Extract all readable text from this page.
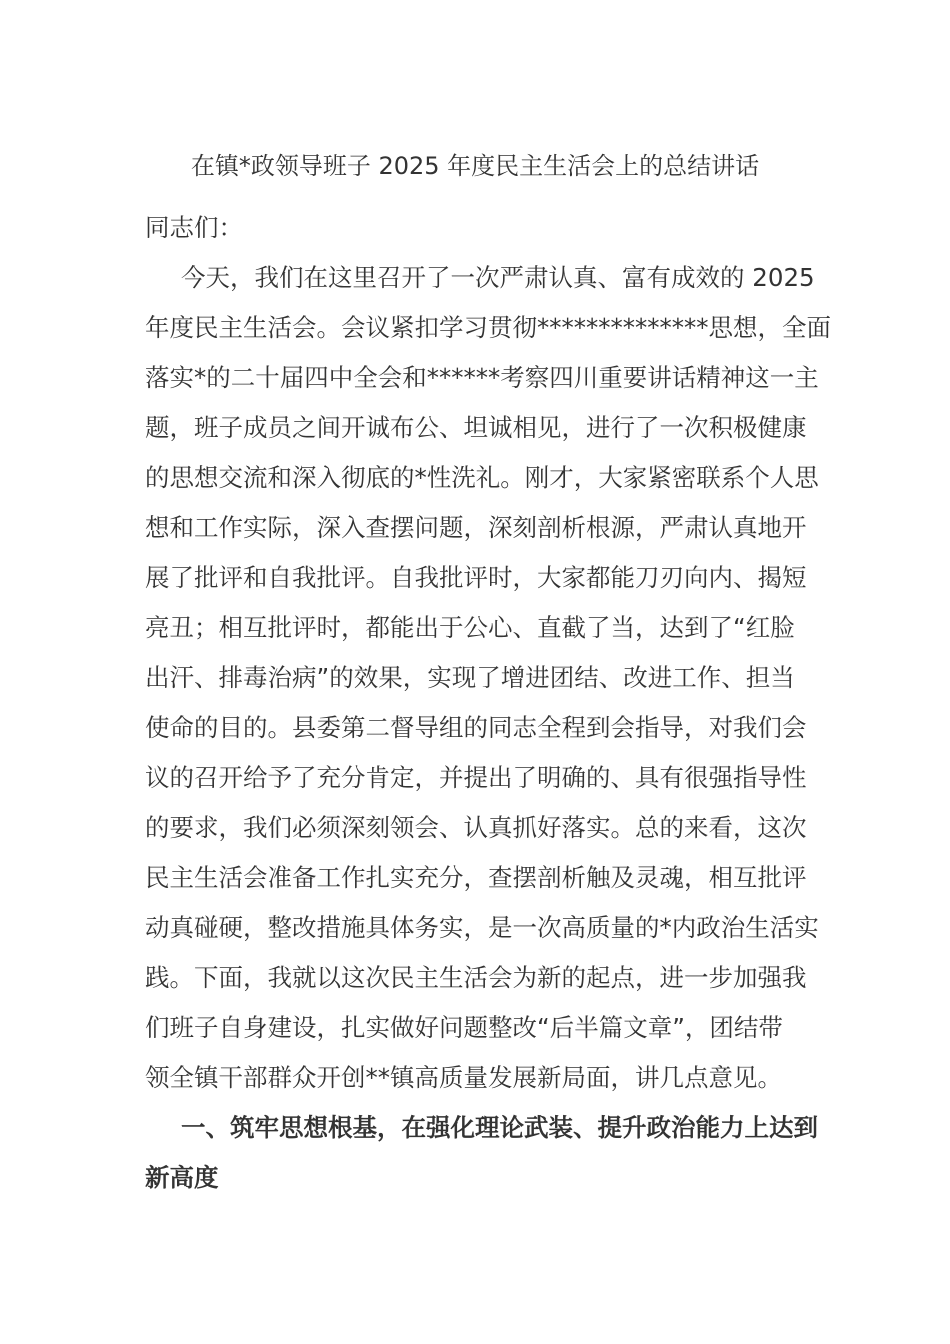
在镇*政领导班子 2025 年度民主生活会上的总结讲话
同志们：
今天，我们在这里召开了一次严肃认真、富有成效的 2025
年度民主生活会。会议紧扣学习贯彻**************思想，全面
落实*的二十届四中全会和******考察四川重要讲话精神这一主
题，班子成员之间开诚布公、坦诚相见，进行了一次积极健康
的思想交流和深入彻底的*性洗礼。刚才，大家紧密联系个人思
想和工作实际，深入查摆问题，深刻剖析根源，严肃认真地开
展了批评和自我批评。自我批评时，大家都能刀刃向内、揭短
亮丑；相互批评时，都能出于公心、直截了当，达到了“红脸
出汗、排毒治病”的效果，实现了增进团结、改进工作、担当
使命的目的。县委第二督导组的同志全程到会指导，对我们会
议的召开给予了充分肯定，并提出了明确的、具有很强指导性
的要求，我们必须深刻领会、认真抓好落实。总的来看，这次
民主生活会准备工作扎实充分，查摆剖析触及灵魂，相互批评
动真碰硬，整改措施具体务实，是一次高质量的*内政治生活实
践。下面，我就以这次民主生活会为新的起点，进一步加强我
们班子自身建设，扎实做好问题整改“后半篇文章”，团结带
领全镇干部群众开创**镇高质量发展新局面，讲几点意见。
一、筑牢思想根基，在强化理论武装、提升政治能力上达到
新高度
